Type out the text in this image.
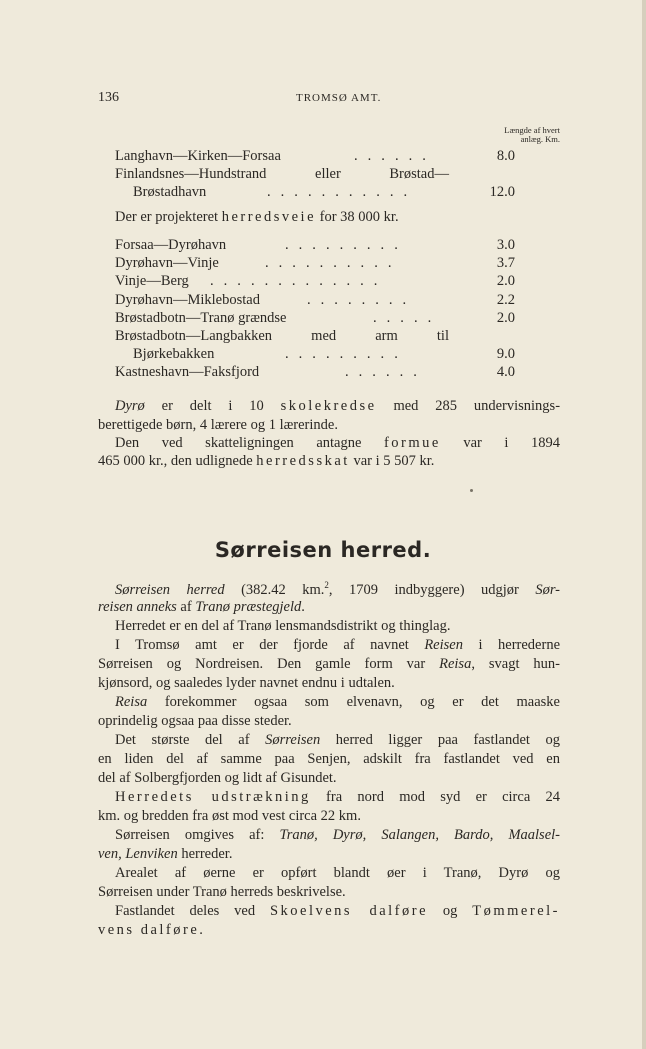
136	TROMSØ AMT.
Længde af hvert
anlæg. Km.
Langhavn—Kirken—Forsaa	. . . . . .	8.0
Finlandsnes—Hundstrand eller Brøstad—
Brøstadhavn	. . . . . . . . . . .	12.0
Der er projekteret herredsveie for 38 000 kr.
Forsaa—Dyrøhavn	. . . . . . . . .	3.0
Dyrøhavn—Vinje	. . . . . . . . . .	3.7
Vinje—Berg . . . . . . . . . . . . .	2.0
Dyrøhavn—Miklebostad	. . . . . . . .	2.2
Brøstadbotn—Tranø grændse	. . . . .	2.0
Brøstadbotn—Langbakken med arm til
Bjørkebakken	. . . . . . . . .	9.0
Kastneshavn—Faksfjord	. . . . . .	4.0
Dyrø er delt i 10 skolekredse med 285 undervisnings-
berettigede børn, 4 lærere og 1 lærerinde.
Den ved skatteligningen antagne formue var i 1894
465 000 kr., den udlignede herredsskat var i 5 507 kr.
Sørreisen herred.
Sørreisen herred (382.42 km.$^2$, 1709 indbyggere) udgjør Sør-
reisen anneks af Tranø præstegjeld.
Herredet er en del af Tranø lensmandsdistrikt og thinglag.
I Tromsø amt er der fjorde af navnet Reisen i herrederne
Sørreisen og Nordreisen. Den gamle form var Reisa, svagt hun-
kjønsord, og saaledes lyder navnet endnu i udtalen.
Reisa forekommer ogsaa som elvenavn, og er det maaske
oprindelig ogsaa paa disse steder.
Det største del af Sørreisen herred ligger paa fastlandet og
en liden del af samme paa Senjen, adskilt fra fastlandet ved en
del af Solbergfjorden og lidt af Gisundet.
Herredets udstrækning fra nord mod syd er circa 24
km. og bredden fra øst mod vest circa 22 km.
Sørreisen omgives af: Tranø, Dyrø, Salangen, Bardo, Maalsel-
ven, Lenviken herreder.
Arealet af øerne er opført blandt øer i Tranø, Dyrø og
Sørreisen under Tranø herreds beskrivelse.
Fastlandet deles ved Skoelvens dalføre og Tømmerel-
vens dalføre.
